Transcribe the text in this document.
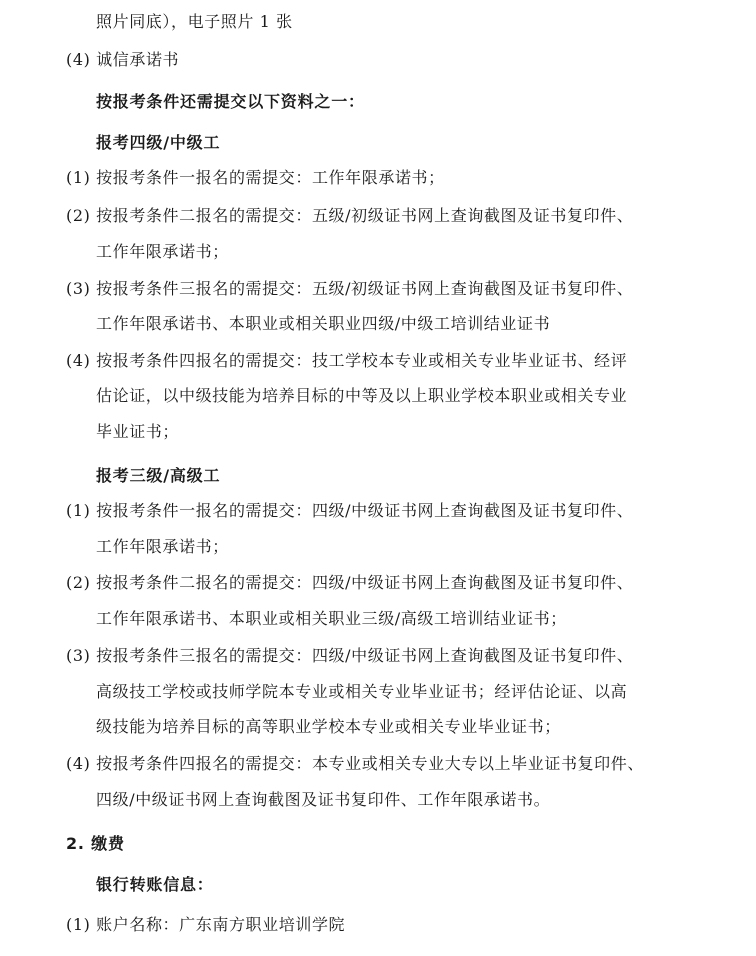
照片同底），电子照片 1 张
(4) 诚信承诺书
按报考条件还需提交以下资料之一：
报考四级/中级工
(1) 按报考条件一报名的需提交：工作年限承诺书；
(2) 按报考条件二报名的需提交：五级/初级证书网上查询截图及证书复印件、
工作年限承诺书；
(3) 按报考条件三报名的需提交：五级/初级证书网上查询截图及证书复印件、
工作年限承诺书、本职业或相关职业四级/中级工培训结业证书
(4) 按报考条件四报名的需提交：技工学校本专业或相关专业毕业证书、经评
估论证，以中级技能为培养目标的中等及以上职业学校本职业或相关专业
毕业证书；
报考三级/高级工
(1) 按报考条件一报名的需提交：四级/中级证书网上查询截图及证书复印件、
工作年限承诺书；
(2) 按报考条件二报名的需提交：四级/中级证书网上查询截图及证书复印件、
工作年限承诺书、本职业或相关职业三级/高级工培训结业证书；
(3) 按报考条件三报名的需提交：四级/中级证书网上查询截图及证书复印件、
高级技工学校或技师学院本专业或相关专业毕业证书；经评估论证、以高
级技能为培养目标的高等职业学校本专业或相关专业毕业证书；
(4) 按报考条件四报名的需提交：本专业或相关专业大专以上毕业证书复印件、
四级/中级证书网上查询截图及证书复印件、工作年限承诺书。
2. 缴费
银行转账信息：
(1) 账户名称：广东南方职业培训学院
